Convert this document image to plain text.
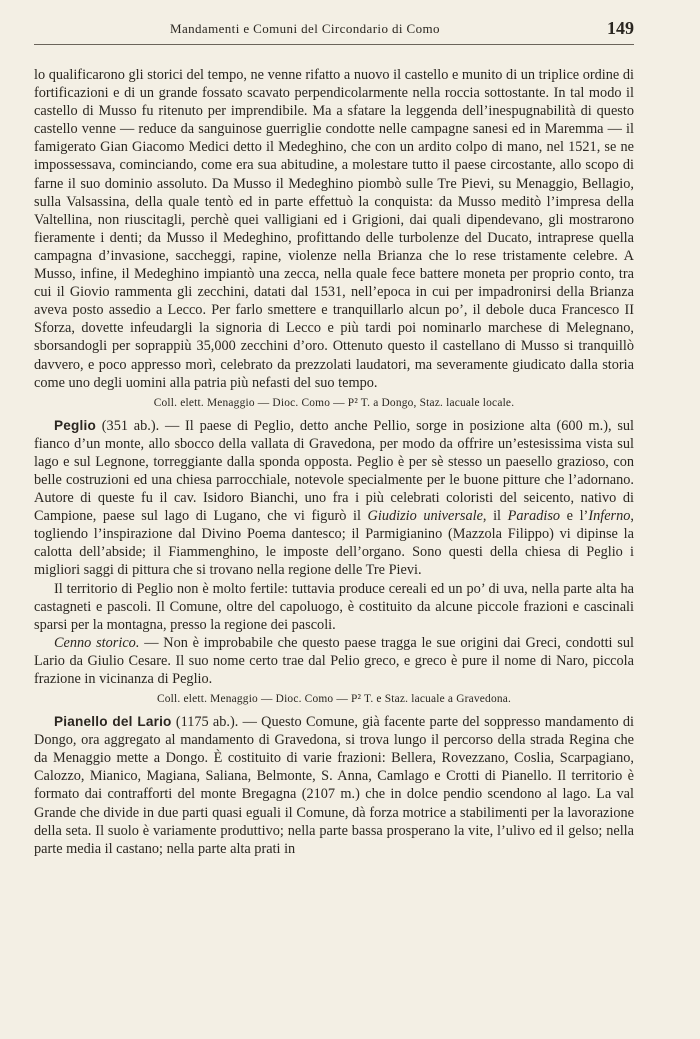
Mandamenti e Comuni del Circondario di Como	149

lo qualificarono gli storici del tempo, ne venne rifatto a nuovo il castello e munito di un triplice ordine di fortificazioni e di un grande fossato scavato perpendicolarmente nella roccia sottostante. In tal modo il castello di Musso fu ritenuto per imprendibile. Ma a sfatare la leggenda dell’inespugnabilità di questo castello venne — reduce da sanguinose guerriglie condotte nelle campagne sanesi ed in Maremma — il famigerato Gian Giacomo Medici detto il Medeghino, che con un ardito colpo di mano, nel 1521, se ne impossessava, cominciando, come era sua abitudine, a molestare tutto il paese circostante, allo scopo di farne il suo dominio assoluto. Da Musso il Medeghino piombò sulle Tre Pievi, su Menaggio, Bellagio, sulla Valsassina, della quale tentò ed in parte effettuò la conquista: da Musso meditò l’impresa della Valtellina, non riuscitagli, perchè quei valligiani ed i Grigioni, dai quali dipendevano, gli mostrarono fieramente i denti; da Musso il Medeghino, profittando delle turbolenze del Ducato, intraprese quella campagna d’invasione, saccheggi, rapine, violenze nella Brianza che lo rese tristamente celebre. A Musso, infine, il Medeghino impiantò una zecca, nella quale fece battere moneta per proprio conto, tra cui il Giovio rammenta gli zecchini, datati dal 1531, nell’epoca in cui per impadronirsi della Brianza aveva posto assedio a Lecco. Per farlo smettere e tranquillarlo alcun po’, il debole duca Francesco II Sforza, dovette infeudargli la signoria di Lecco e più tardi poi nominarlo marchese di Melegnano, sborsandogli per soprappiù 35,000 zecchini d’oro. Ottenuto questo il castellano di Musso si tranquillò davvero, e poco appresso morì, celebrato da prezzolati laudatori, ma severamente giudicato dalla storia come uno degli uomini alla patria più nefasti del suo tempo.

Coll. elett. Menaggio — Dioc. Como — P² T. a Dongo, Staz. lacuale locale.

Peglio (351 ab.). — Il paese di Peglio, detto anche Pellio, sorge in posizione alta (600 m.), sul fianco d’un monte, allo sbocco della vallata di Gravedona, per modo da offrire un’estesissima vista sul lago e sul Legnone, torreggiante dalla sponda opposta. Peglio è per sè stesso un paesello grazioso, con belle costruzioni ed una chiesa parrocchiale, notevole specialmente per le buone pitture che l’adornano. Autore di queste fu il cav. Isidoro Bianchi, uno fra i più celebrati coloristi del seicento, nativo di Campione, paese sul lago di Lugano, che vi figurò il Giudizio universale, il Paradiso e l’Inferno, togliendo l’inspirazione dal Divino Poema dantesco; il Parmigianino (Mazzola Filippo) vi dipinse la calotta dell’abside; il Fiammenghino, le imposte dell’organo. Sono questi della chiesa di Peglio i migliori saggi di pittura che si trovano nella regione delle Tre Pievi.

Il territorio di Peglio non è molto fertile: tuttavia produce cereali ed un po’ di uva, nella parte alta ha castagneti e pascoli. Il Comune, oltre del capoluogo, è costituito da alcune piccole frazioni e cascinali sparsi per la montagna, presso la regione dei pascoli.

Cenno storico. — Non è improbabile che questo paese tragga le sue origini dai Greci, condotti sul Lario da Giulio Cesare. Il suo nome certo trae dal Pelio greco, e greco è pure il nome di Naro, piccola frazione in vicinanza di Peglio.

Coll. elett. Menaggio — Dioc. Como — P² T. e Staz. lacuale a Gravedona.

Pianello del Lario (1175 ab.). — Questo Comune, già facente parte del soppresso mandamento di Dongo, ora aggregato al mandamento di Gravedona, si trova lungo il percorso della strada Regina che da Menaggio mette a Dongo. È costituito di varie frazioni: Bellera, Rovezzano, Coslia, Scarpagiano, Calozzo, Mianico, Magiana, Saliana, Belmonte, S. Anna, Camlago e Crotti di Pianello. Il territorio è formato dai contrafforti del monte Bregagna (2107 m.) che in dolce pendio scendono al lago. La val Grande che divide in due parti quasi eguali il Comune, dà forza motrice a stabilimenti per la lavorazione della seta. Il suolo è variamente produttivo; nella parte bassa prosperano la vite, l’ulivo ed il gelso; nella parte media il castano; nella parte alta prati in
